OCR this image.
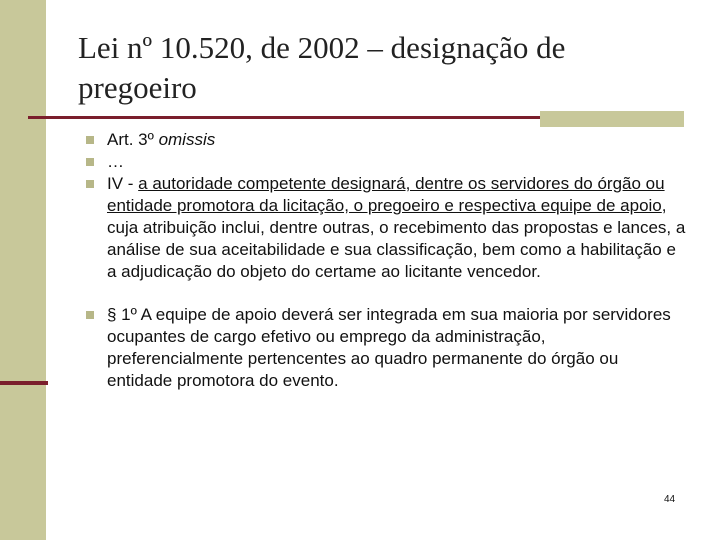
Lei nº 10.520, de 2002 – designação de pregoeiro
Art. 3º omissis
…
IV - a autoridade competente designará, dentre os servidores do órgão ou entidade promotora da licitação, o pregoeiro e respectiva equipe de apoio, cuja atribuição inclui, dentre outras, o recebimento das propostas e lances, a análise de sua aceitabilidade e sua classificação, bem como a habilitação e a adjudicação do objeto do certame ao licitante vencedor.
§ 1º A equipe de apoio deverá ser integrada em sua maioria por servidores ocupantes de cargo efetivo ou emprego da administração, preferencialmente pertencentes ao quadro permanente do órgão ou entidade promotora do evento.
44
